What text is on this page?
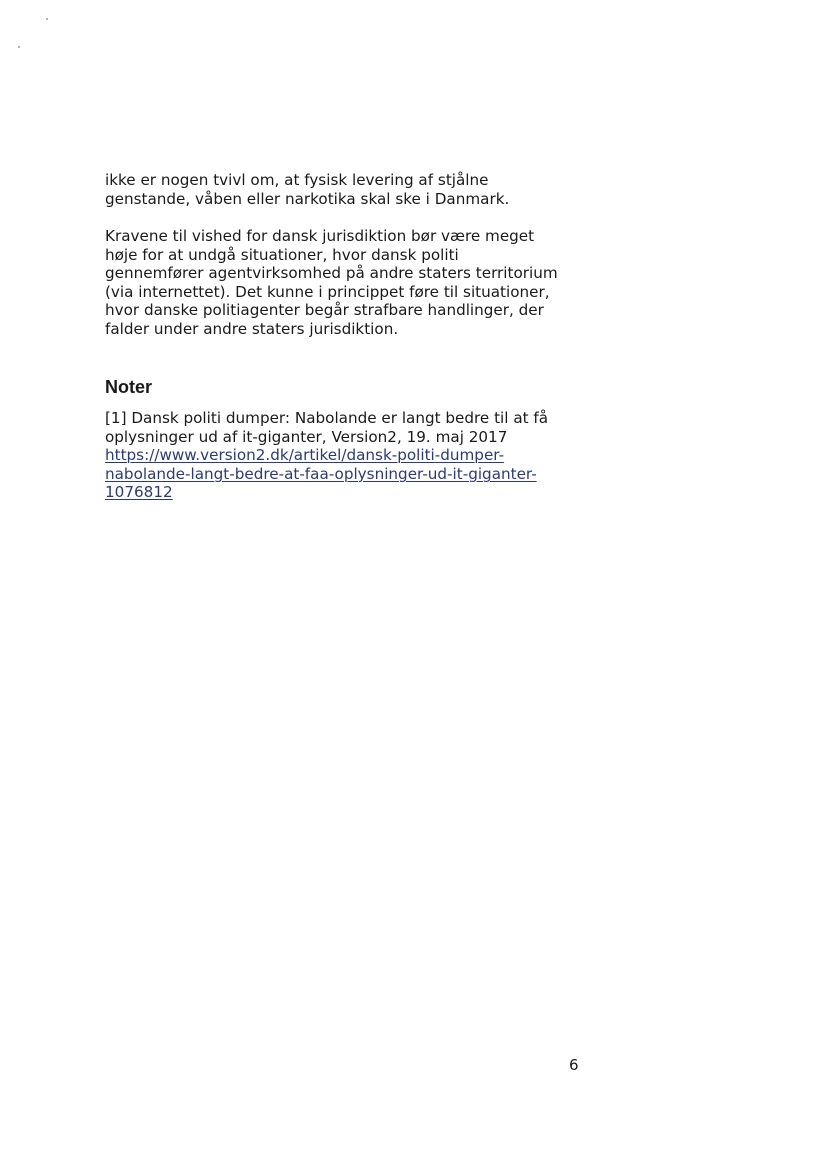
ikke er nogen tvivl om, at fysisk levering af stjålne
genstande, våben eller narkotika skal ske i Danmark.

Kravene til vished for dansk jurisdiktion bør være meget
høje for at undgå situationer, hvor dansk politi
gennemfører agentvirksomhed på andre staters territorium
(via internettet). Det kunne i princippet føre til situationer,
hvor danske politiagenter begår strafbare handlinger, der
falder under andre staters jurisdiktion.

Noter
[1] Dansk politi dumper: Nabolande er langt bedre til at få
oplysninger ud af it-giganter, Version2, 19. maj 2017
https://www.version2.dk/artikel/dansk-politi-dumper-
nabolande-langt-bedre-at-faa-oplysninger-ud-it-giganter-
1076812

6
